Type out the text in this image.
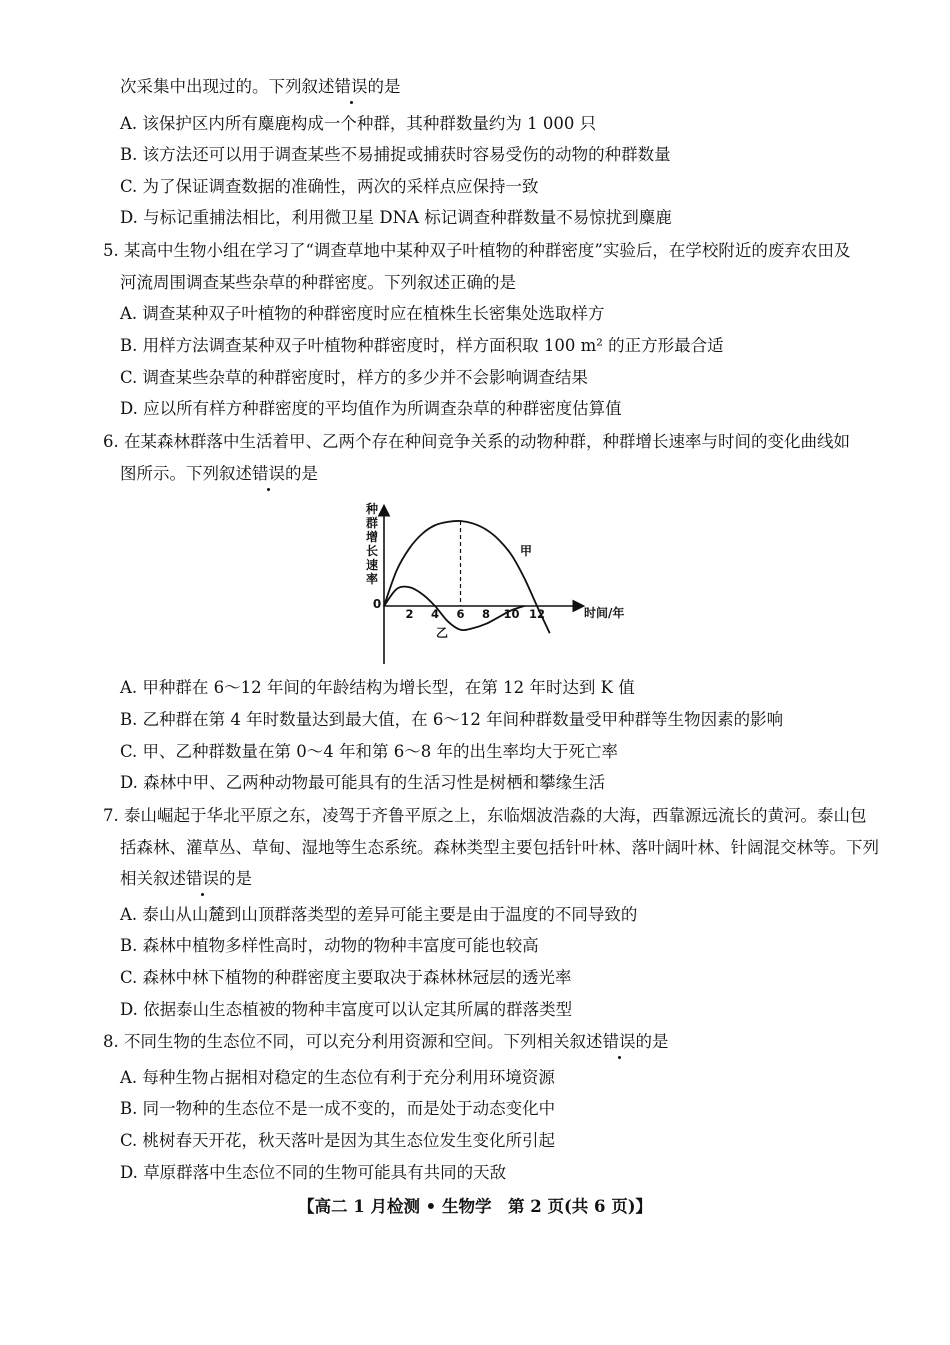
次采集中出现过的。下列叙述错误的是
A. 该保护区内所有麋鹿构成一个种群，其种群数量约为 1 000 只
B. 该方法还可以用于调查某些不易捕捉或捕获时容易受伤的动物的种群数量
C. 为了保证调查数据的准确性，两次的采样点应保持一致
D. 与标记重捕法相比，利用微卫星 DNA 标记调查种群数量不易惊扰到麋鹿
5. 某高中生物小组在学习了“调查草地中某种双子叶植物的种群密度”实验后，在学校附近的废弃农田及
河流周围调查某些杂草的种群密度。下列叙述正确的是
A. 调查某种双子叶植物的种群密度时应在植株生长密集处选取样方
B. 用样方法调查某种双子叶植物种群密度时，样方面积取 100 m² 的正方形最合适
C. 调查某些杂草的种群密度时，样方的多少并不会影响调查结果
D. 应以所有样方种群密度的平均值作为所调查杂草的种群密度估算值
6. 在某森林群落中生活着甲、乙两个存在种间竞争关系的动物种群，种群增长速率与时间的变化曲线如
图所示。下列叙述错误的是
种群增长速率
0
2 4 6 8 10 12
甲
乙
时间/年
A. 甲种群在 6～12 年间的年龄结构为增长型，在第 12 年时达到 K 值
B. 乙种群在第 4 年时数量达到最大值，在 6～12 年间种群数量受甲种群等生物因素的影响
C. 甲、乙种群数量在第 0～4 年和第 6～8 年的出生率均大于死亡率
D. 森林中甲、乙两种动物最可能具有的生活习性是树栖和攀缘生活
7. 泰山崛起于华北平原之东，凌驾于齐鲁平原之上，东临烟波浩淼的大海，西靠源远流长的黄河。泰山包
括森林、灌草丛、草甸、湿地等生态系统。森林类型主要包括针叶林、落叶阔叶林、针阔混交林等。下列
相关叙述错误的是
A. 泰山从山麓到山顶群落类型的差异可能主要是由于温度的不同导致的
B. 森林中植物多样性高时，动物的物种丰富度可能也较高
C. 森林中林下植物的种群密度主要取决于森林林冠层的透光率
D. 依据泰山生态植被的物种丰富度可以认定其所属的群落类型
8. 不同生物的生态位不同，可以充分利用资源和空间。下列相关叙述错误的是
A. 每种生物占据相对稳定的生态位有利于充分利用环境资源
B. 同一物种的生态位不是一成不变的，而是处于动态变化中
C. 桃树春天开花，秋天落叶是因为其生态位发生变化所引起
D. 草原群落中生态位不同的生物可能具有共同的天敌
【高二 1 月检测 • 生物学　第 2 页(共 6 页)】
